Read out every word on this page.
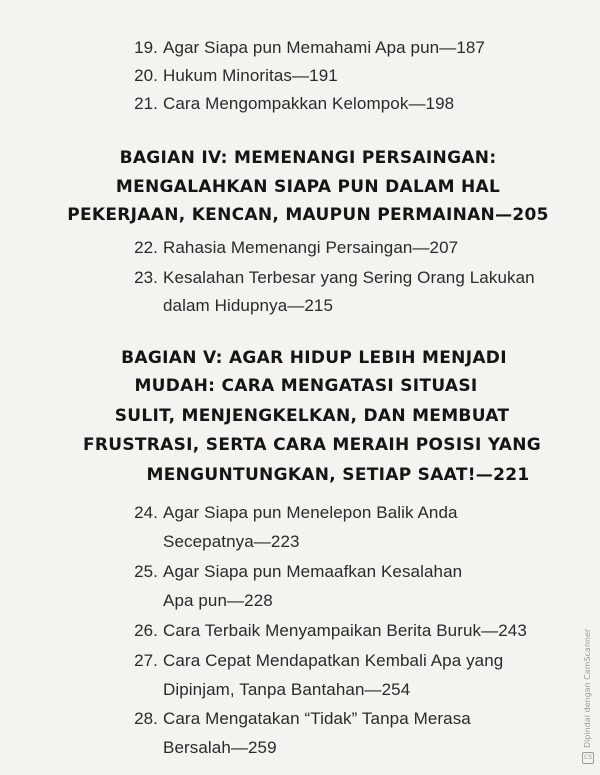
19. Agar Siapa pun Memahami Apa pun—187
20. Hukum Minoritas—191
21. Cara Mengompakkan Kelompok—198
BAGIAN IV: MEMENANGI PERSAINGAN:
MENGALAHKAN SIAPA PUN DALAM HAL
PEKERJAAN, KENCAN, MAUPUN PERMAINAN—205
22. Rahasia Memenangi Persaingan—207
23. Kesalahan Terbesar yang Sering Orang Lakukan
dalam Hidupnya—215
BAGIAN V: AGAR HIDUP LEBIH MENJADI
MUDAH: CARA MENGATASI SITUASI
SULIT, MENJENGKELKAN, DAN MEMBUAT
FRUSTRASI, SERTA CARA MERAIH POSISI YANG
MENGUNTUNGKAN, SETIAP SAAT!—221
24. Agar Siapa pun Menelepon Balik Anda
Secepatnya—223
25. Agar Siapa pun Memaafkan Kesalahan
Apa pun—228
26. Cara Terbaik Menyampaikan Berita Buruk—243
27. Cara Cepat Mendapatkan Kembali Apa yang
Dipinjam, Tanpa Bantahan—254
28. Cara Mengatakan “Tidak” Tanpa Merasa
Bersalah—259
CS
Dipindai dengan CamScanner
